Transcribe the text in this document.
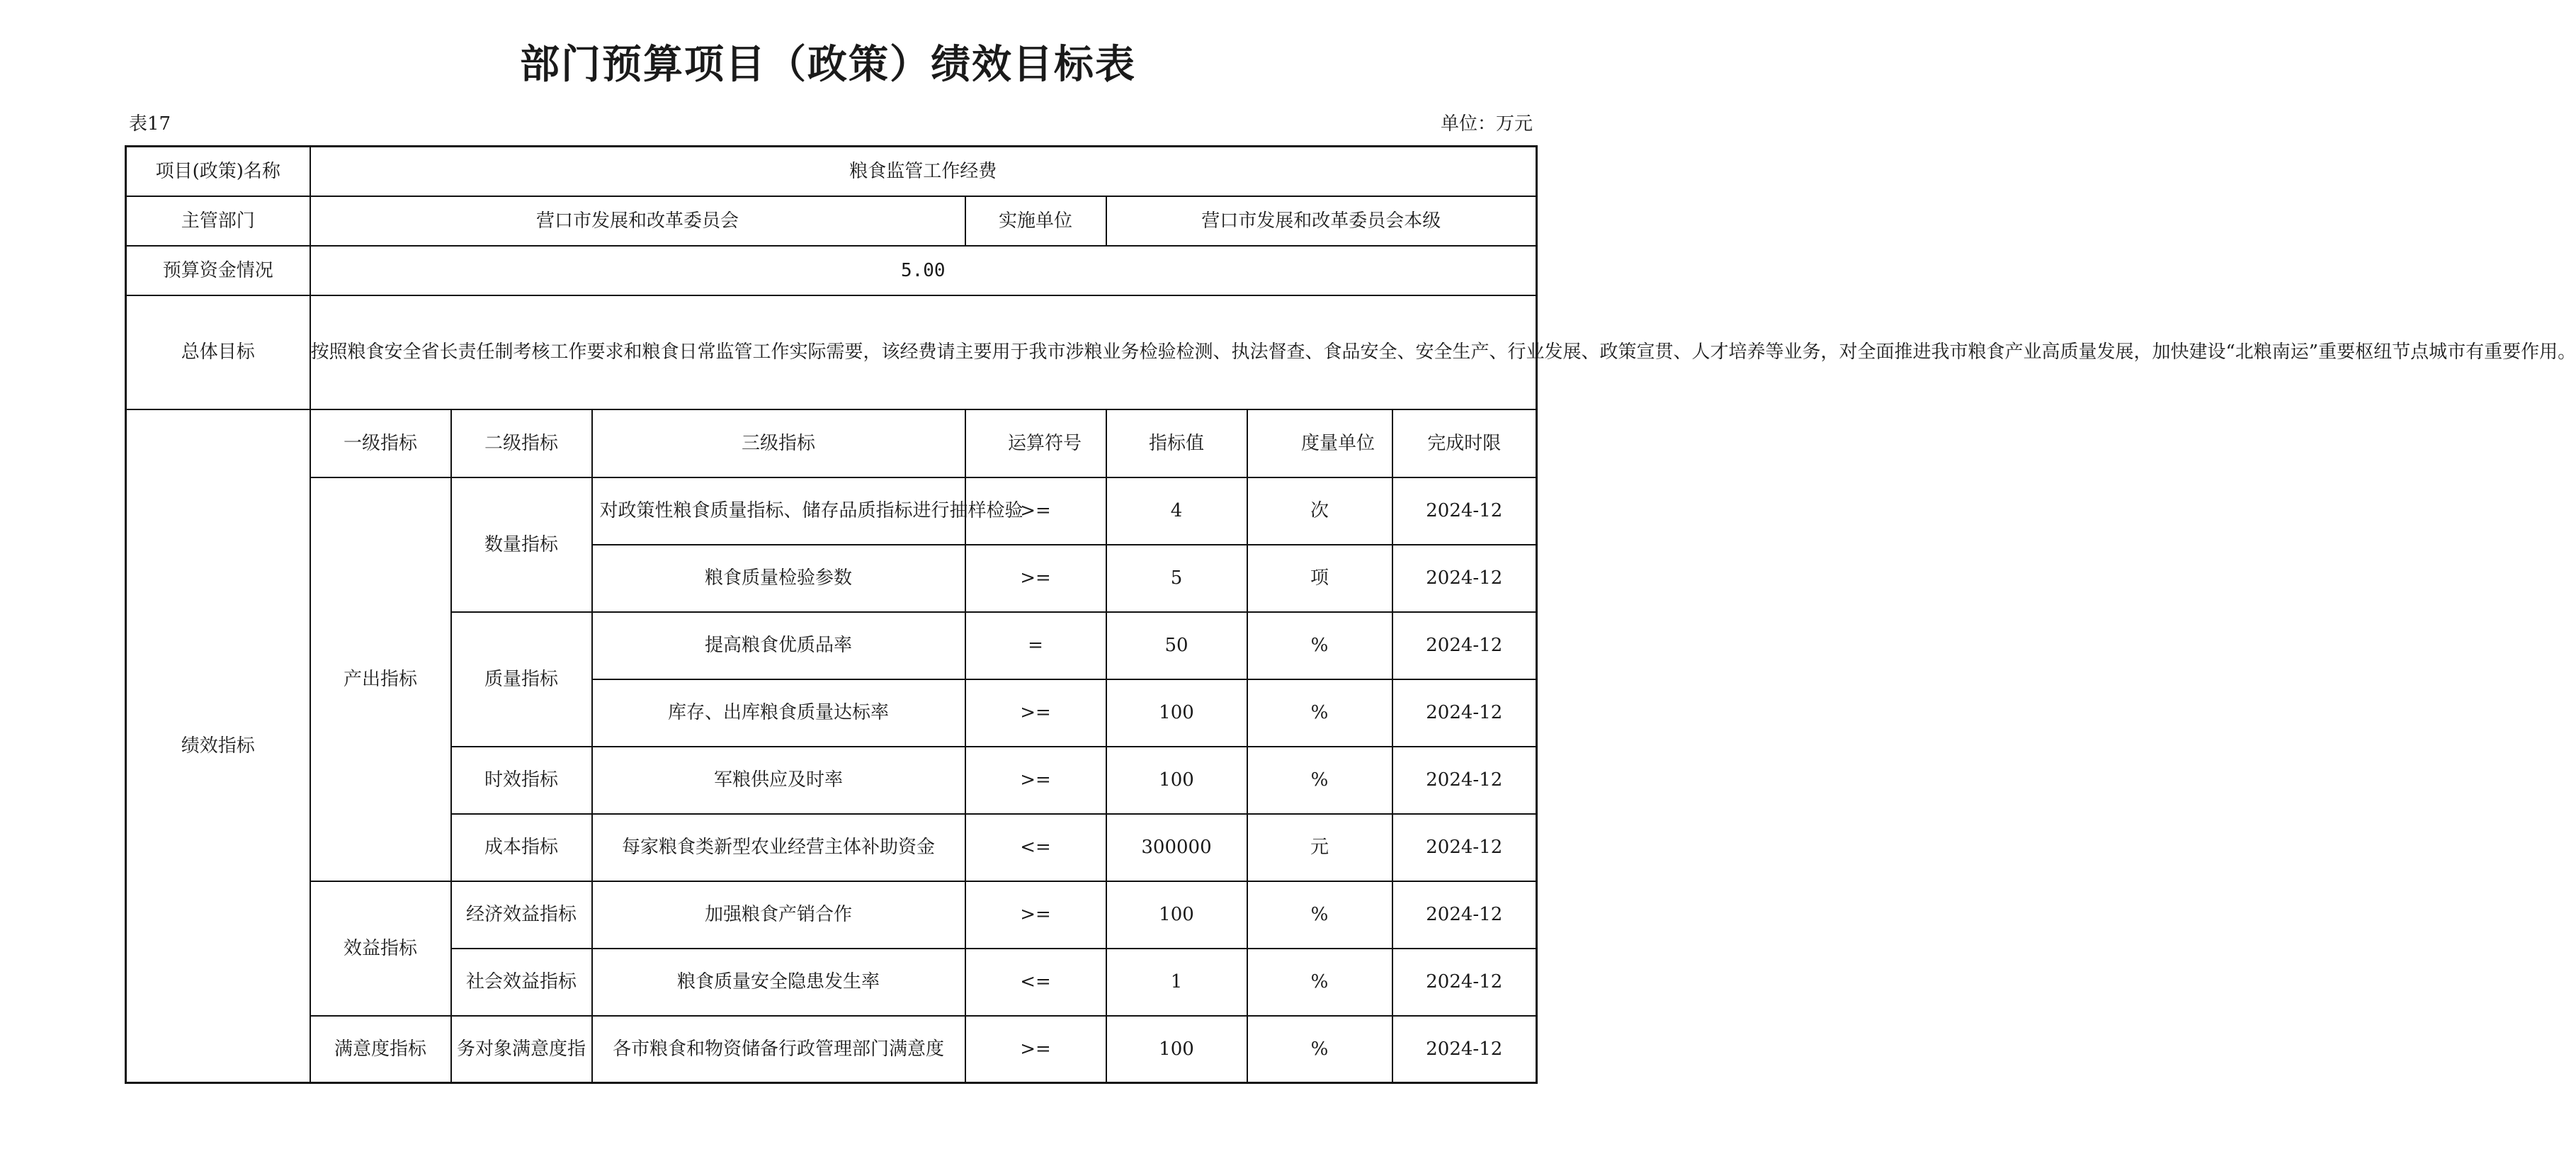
部门预算项目（政策）绩效目标表
表17	单位：万元
项目(政策)名称	粮食监管工作经费						
主管部门	营口市发展和改革委员会			实施单位	营口市发展和改革委员会本级		
预算资金情况	5.00						
总体目标	按照粮食安全省长责任制考核工作要求和粮食日常监管工作实际需要，该经费请主要用于我市涉粮业务检验检测、执法督查、食品安全、安全生产、行业发展、政策宣贯、人才培养等业务，对全面推进我市粮食产业高质量发展，加快建设“北粮南运”重要枢纽节点城市有重要作用。						
绩效指标	一级指标	二级指标	三级指标	运算符号	指标值	度量单位	完成时限
	产出指标	数量指标	对政策性粮食质量指标、储存品质指标进行抽样检验	>=	4	次	2024-12
			粮食质量检验参数	>=	5	项	2024-12
		质量指标	提高粮食优质品率	=	50	%	2024-12
			库存、出库粮食质量达标率	>=	100	%	2024-12
		时效指标	军粮供应及时率	>=	100	%	2024-12
		成本指标	每家粮食类新型农业经营主体补助资金	<=	300000	元	2024-12
	效益指标	经济效益指标	加强粮食产销合作	>=	100	%	2024-12
		社会效益指标	粮食质量安全隐患发生率	<=	1	%	2024-12
	满意度指标	务对象满意度指	各市粮食和物资储备行政管理部门满意度	>=	100	%	2024-12
